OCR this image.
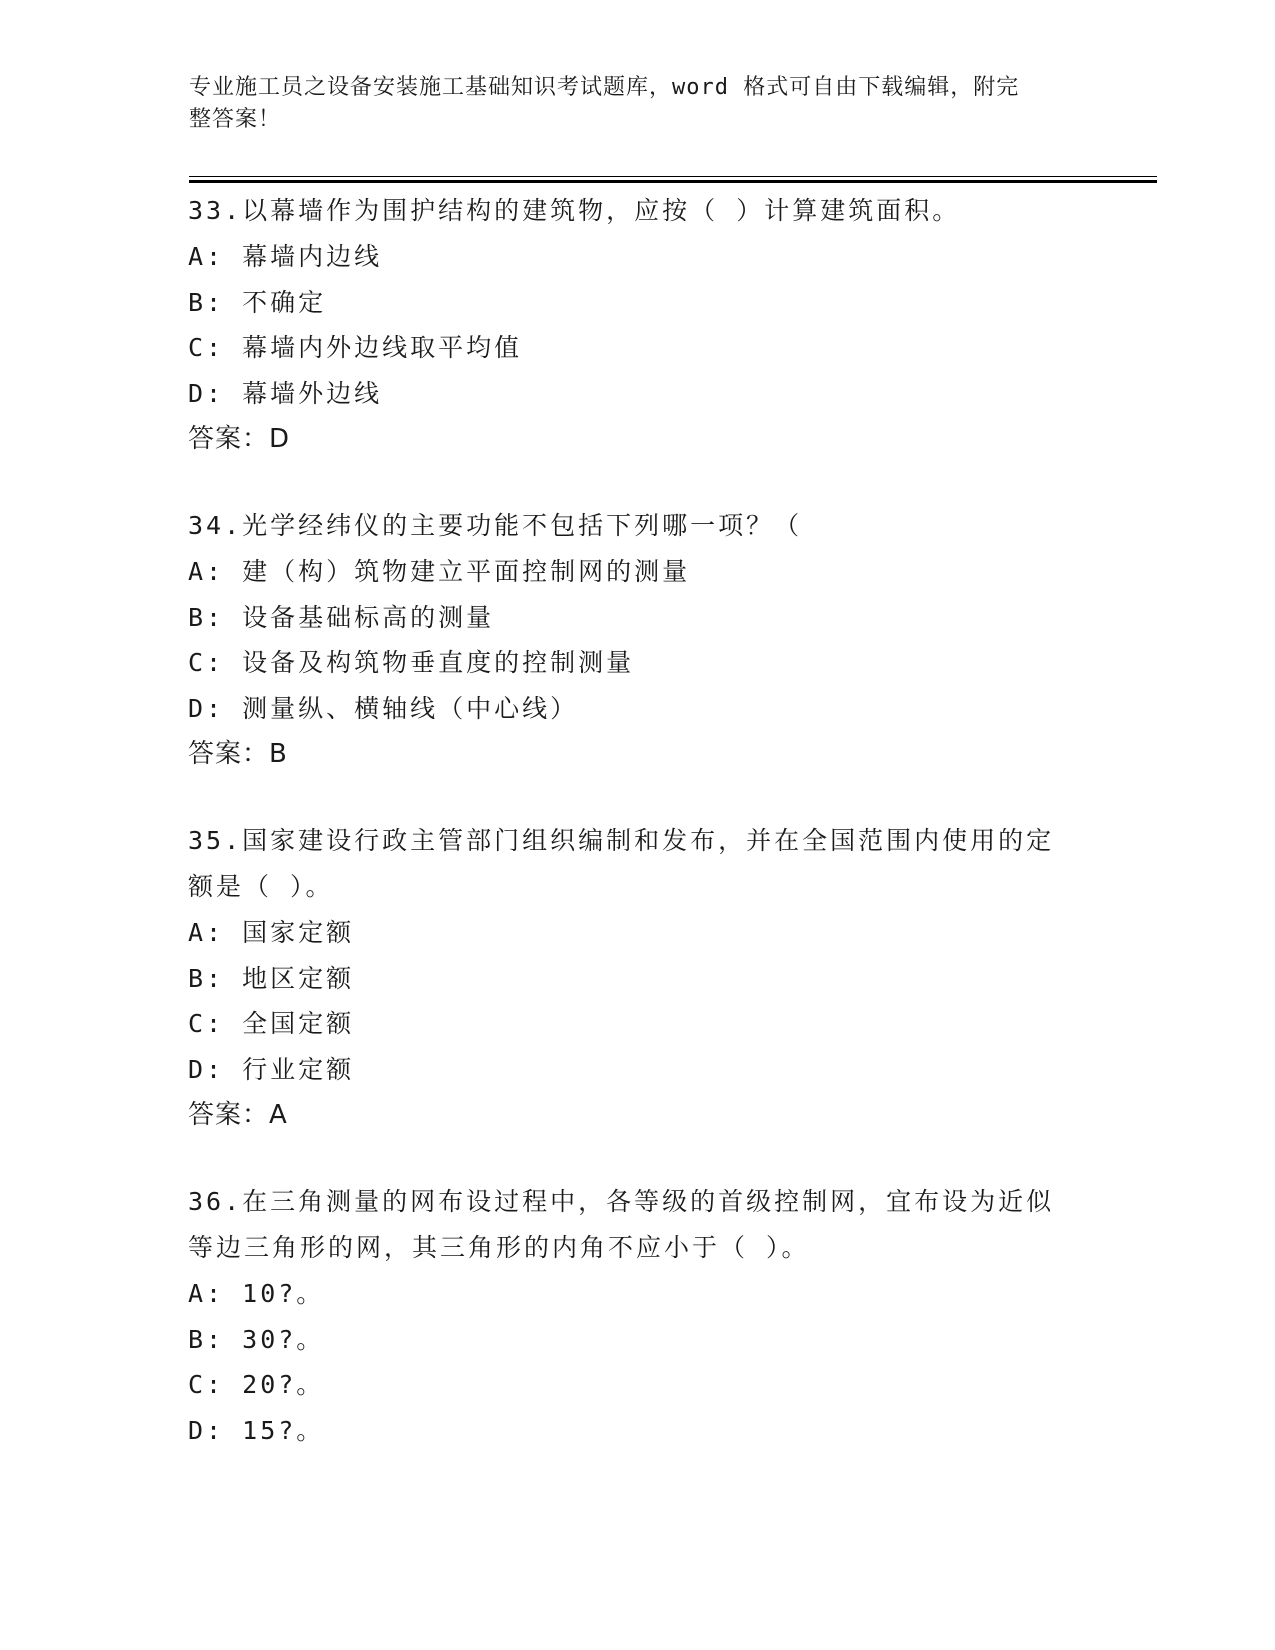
专业施工员之设备安装施工基础知识考试题库，word 格式可自由下载编辑，附完
整答案！
33.以幕墙作为围护结构的建筑物，应按（ ）计算建筑面积。
A: 幕墙内边线
B: 不确定
C: 幕墙内外边线取平均值
D: 幕墙外边线
答案：D
34.光学经纬仪的主要功能不包括下列哪一项？（
A: 建（构）筑物建立平面控制网的测量
B: 设备基础标高的测量
C: 设备及构筑物垂直度的控制测量
D: 测量纵、横轴线（中心线）
答案：B
35.国家建设行政主管部门组织编制和发布，并在全国范围内使用的定
额是（ ）。
A: 国家定额
B: 地区定额
C: 全国定额
D: 行业定额
答案：A
36.在三角测量的网布设过程中，各等级的首级控制网，宜布设为近似
等边三角形的网，其三角形的内角不应小于（ ）。
A: 10?。
B: 30?。
C: 20?。
D: 15?。
